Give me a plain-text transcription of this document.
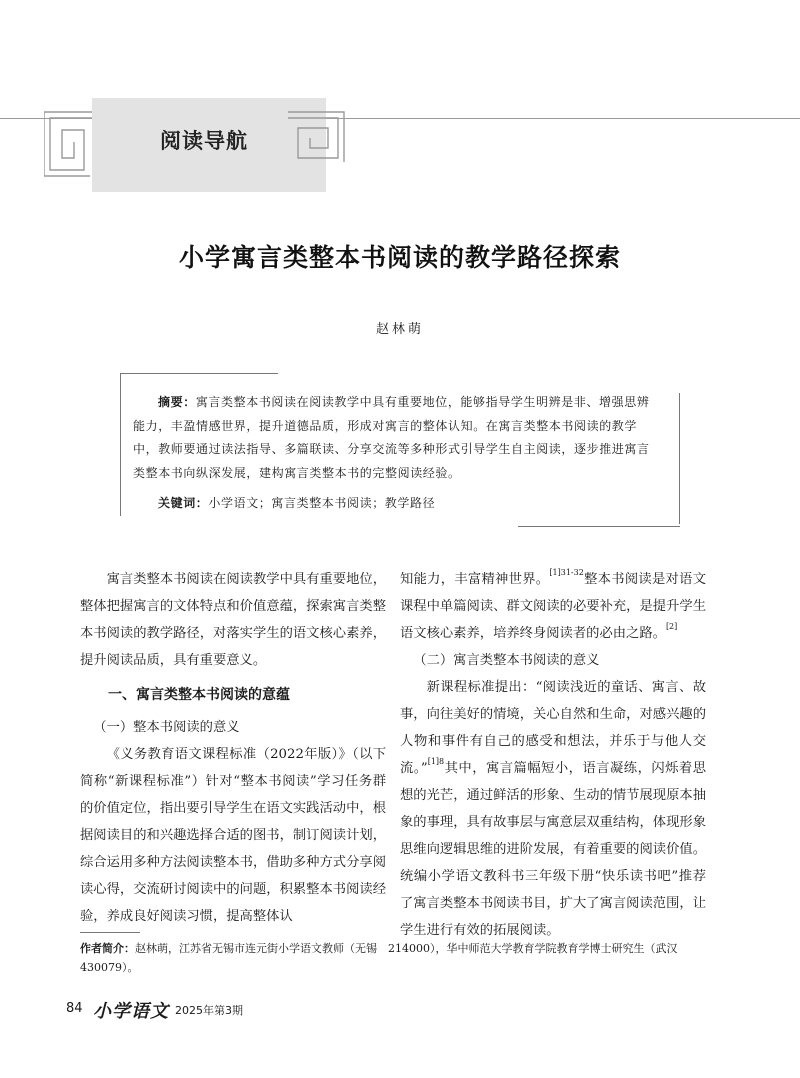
阅读导航
小学寓言类整本书阅读的教学路径探索
赵林萌
摘要：寓言类整本书阅读在阅读教学中具有重要地位，能够指导学生明辨是非、增强思辨能力，丰盈情感世界，提升道德品质，形成对寓言的整体认知。在寓言类整本书阅读的教学中，教师要通过读法指导、多篇联读、分享交流等多种形式引导学生自主阅读，逐步推进寓言类整本书向纵深发展，建构寓言类整本书的完整阅读经验。
关键词：小学语文；寓言类整本书阅读；教学路径

寓言类整本书阅读在阅读教学中具有重要地位，整体把握寓言的文体特点和价值意蕴，探索寓言类整本书阅读的教学路径，对落实学生的语文核心素养，提升阅读品质，具有重要意义。

一、寓言类整本书阅读的意蕴

（一）整本书阅读的意义

《义务教育语文课程标准（2022年版）》（以下简称“新课程标准”）针对“整本书阅读”学习任务群的价值定位，指出要引导学生在语文实践活动中，根据阅读目的和兴趣选择合适的图书，制订阅读计划，综合运用多种方法阅读整本书，借助多种方式分享阅读心得，交流研讨阅读中的问题，积累整本书阅读经验，养成良好阅读习惯，提高整体认

知能力，丰富精神世界。$^{[1]31-32}$整本书阅读是对语文课程中单篇阅读、群文阅读的必要补充，是提升学生语文核心素养，培养终身阅读者的必由之路。[2]

（二）寓言类整本书阅读的意义

新课程标准提出：“阅读浅近的童话、寓言、故事，向往美好的情境，关心自然和生命，对感兴趣的人物和事件有自己的感受和想法，并乐于与他人交流。”$^{[1]8}$其中，寓言篇幅短小，语言凝练，闪烁着思想的光芒，通过鲜活的形象、生动的情节展现原本抽象的事理，具有故事层与寓意层双重结构，体现形象思维向逻辑思维的进阶发展，有着重要的阅读价值。统编小学语文教科书三年级下册“快乐读书吧”推荐了寓言类整本书阅读书目，扩大了寓言阅读范围，让学生进行有效的拓展阅读。

作者简介：赵林萌，江苏省无锡市连元街小学语文教师（无锡　214000），华中师范大学教育学院教育学博士研究生（武汉　430079）。
84 小学语文 2025年第3期
